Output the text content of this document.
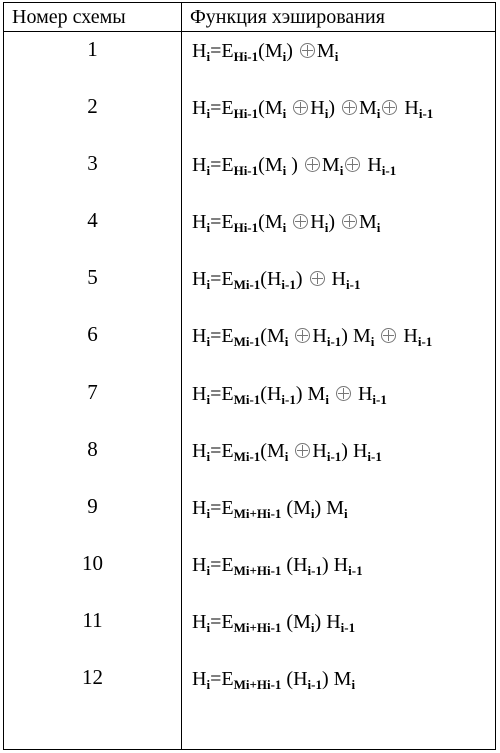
Номер схемы	Функция хэширования
1	$H_i=E_{Hi-1}(M_i)$ $M_i$
2	$H_i=E_{Hi-1}(M_i$ $H_i$) $M_i$ $H_{i-1}$
3	$H_i=E_{Hi-1}(M_i$ ) $M_i$ $H_{i-1}$
4	$H_i=E_{Hi-1}(M_i$ $H_i$) $M_i$
5	$H_i=E_{Mi-1}(H_{i-1})$ $H_{i-1}$
6	$H_i=E_{Mi-1}(M_i$ $H_{i-1}$) $M_i$ $H_{i-1}$
7	$H_i=E_{Mi-1}(H_{i-1})$ $M_i$ $H_{i-1}$
8	$H_i=E_{Mi-1}(M_i$ $H_{i-1}$) $H_{i-1}$
9	$H_i=E_{Mi+Hi-1}$ $(M_i)$ $M_i$
10	$H_i=E_{Mi+Hi-1}$ $(H_{i-1})$ $H_{i-1}$
11	$H_i=E_{Mi+Hi-1}$ $(M_i)$ $H_{i-1}$
12	$H_i=E_{Mi+Hi-1}$ $(H_{i-1})$ $M_i$
